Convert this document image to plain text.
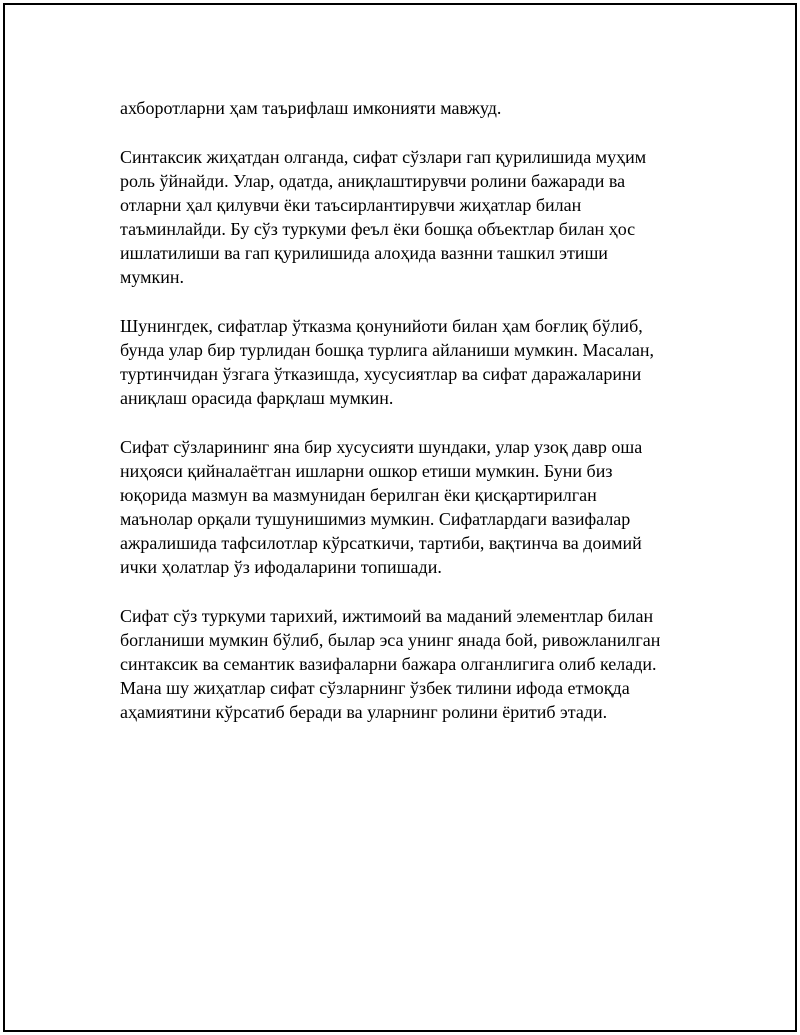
ахборотларни ҳам таърифлаш имконияти мавжуд.

Синтаксик жиҳатдан олганда, сифат сўзлари гап қурилишида муҳим
роль ўйнайди. Улар, одатда, аниқлаштирувчи ролини бажаради ва
отларни ҳал қилувчи ёки таъсирлантирувчи жиҳатлар билан
таъминлайди. Бу сўз туркуми феъл ёки бошқа объектлар билан ҳос
ишлатилиши ва гап қурилишида алоҳида вазнни ташкил этиши
мумкин.

Шунингдек, сифатлар ўтказма қонунийоти билан ҳам боғлиқ бўлиб,
бунда улар бир турлидан бошқа турлига айланиши мумкин. Масалан,
туртинчидан ўзгага ўтказишда, хусусиятлар ва сифат даражаларини
аниқлаш орасида фарқлаш мумкин.

Сифат сўзларининг яна бир хусусияти шундаки, улар узоқ давр оша
ниҳояси қийналаётган ишларни ошкор етиши мумкин. Буни биз
юқорида мазмун ва мазмунидан берилган ёки қисқартирилган
маънолар орқали тушунишимиз мумкин. Сифатлардаги вазифалар
ажралишида тафсилотлар кўрсаткичи, тартиби, вақтинча ва доимий
ички ҳолатлар ўз ифодаларини топишади.

Сифат сўз туркуми тарихий, ижтимоий ва маданий элементлар билан
богланиши мумкин бўлиб, былар эса унинг янада бой, ривожланилган
синтаксик ва семантик вазифаларни бажара олганлигига олиб келади.
Мана шу жиҳатлар сифат сўзларнинг ўзбек тилини ифода етмоқда
аҳамиятини кўрсатиб беради ва уларнинг ролини ёритиб этади.
